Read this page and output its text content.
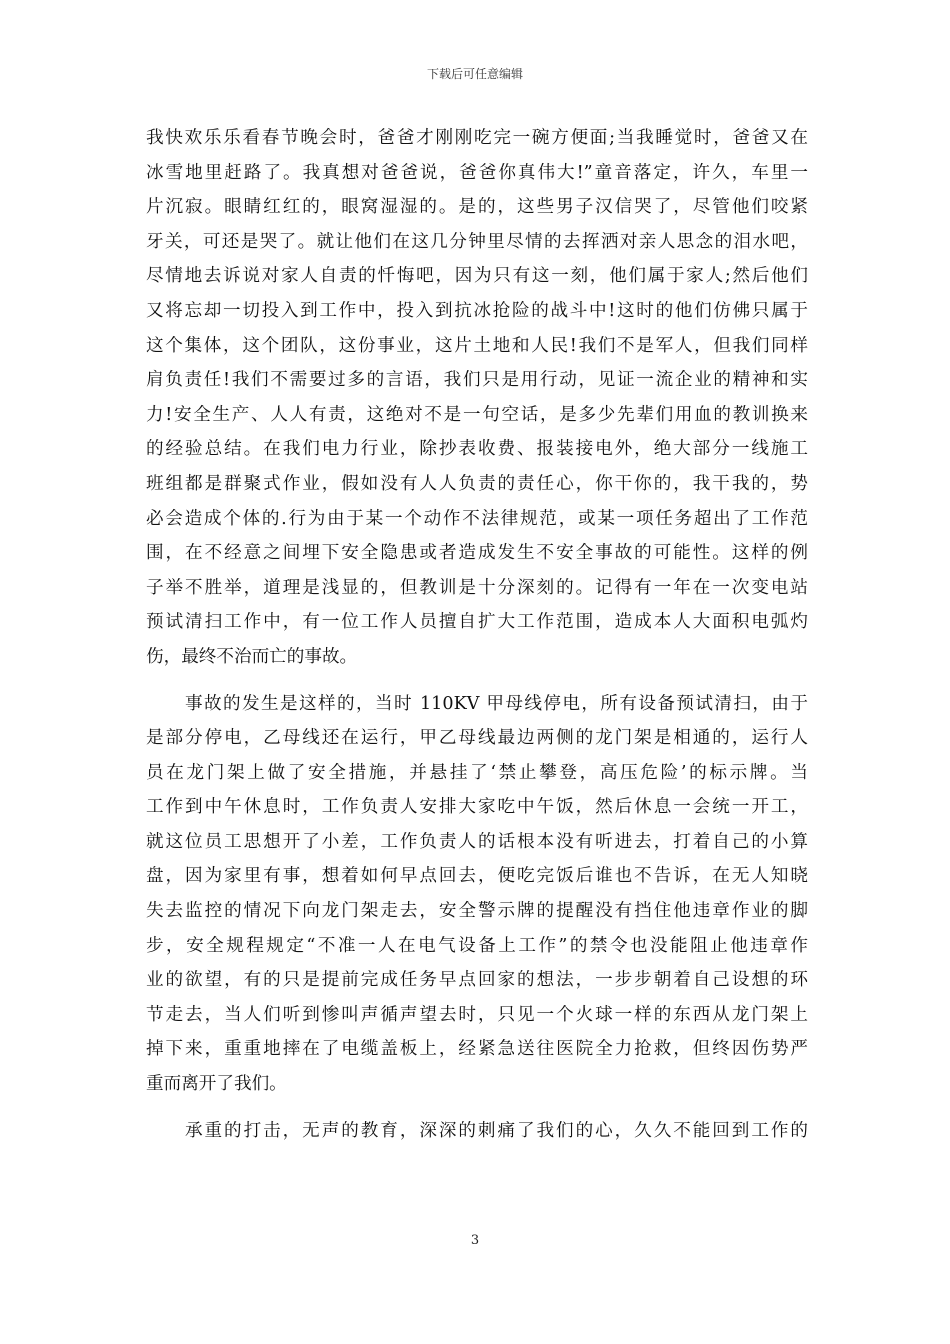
下载后可任意编辑
我快欢乐乐看春节晚会时，爸爸才刚刚吃完一碗方便面;当我睡觉时，爸爸又在
冰雪地里赶路了。我真想对爸爸说，爸爸你真伟大!”童音落定，许久，车里一
片沉寂。眼睛红红的，眼窝湿湿的。是的，这些男子汉信哭了，尽管他们咬紧
牙关，可还是哭了。就让他们在这几分钟里尽情的去挥洒对亲人思念的泪水吧，
尽情地去诉说对家人自责的忏悔吧，因为只有这一刻，他们属于家人;然后他们
又将忘却一切投入到工作中，投入到抗冰抢险的战斗中!这时的他们仿佛只属于
这个集体，这个团队，这份事业，这片土地和人民!我们不是军人，但我们同样
肩负责任!我们不需要过多的言语，我们只是用行动，见证一流企业的精神和实
力!安全生产、人人有责，这绝对不是一句空话，是多少先辈们用血的教训换来
的经验总结。在我们电力行业，除抄表收费、报装接电外，绝大部分一线施工
班组都是群聚式作业，假如没有人人负责的责任心，你干你的，我干我的，势
必会造成个体的.行为由于某一个动作不法律规范，或某一项任务超出了工作范
围，在不经意之间埋下安全隐患或者造成发生不安全事故的可能性。这样的例
子举不胜举，道理是浅显的，但教训是十分深刻的。记得有一年在一次变电站
预试清扫工作中，有一位工作人员擅自扩大工作范围，造成本人大面积电弧灼
伤，最终不治而亡的事故。
事故的发生是这样的，当时 110KV 甲母线停电，所有设备预试清扫，由于
是部分停电，乙母线还在运行，甲乙母线最边两侧的龙门架是相通的，运行人
员在龙门架上做了安全措施，并悬挂了‘禁止攀登，高压危险’的标示牌。当
工作到中午休息时，工作负责人安排大家吃中午饭，然后休息一会统一开工，
就这位员工思想开了小差，工作负责人的话根本没有听进去，打着自己的小算
盘，因为家里有事，想着如何早点回去，便吃完饭后谁也不告诉，在无人知晓
失去监控的情况下向龙门架走去，安全警示牌的提醒没有挡住他违章作业的脚
步，安全规程规定“不准一人在电气设备上工作”的禁令也没能阻止他违章作
业的欲望，有的只是提前完成任务早点回家的想法，一步步朝着自己设想的环
节走去，当人们听到惨叫声循声望去时，只见一个火球一样的东西从龙门架上
掉下来，重重地摔在了电缆盖板上，经紧急送往医院全力抢救，但终因伤势严
重而离开了我们。
承重的打击，无声的教育，深深的刺痛了我们的心，久久不能回到工作的
3
